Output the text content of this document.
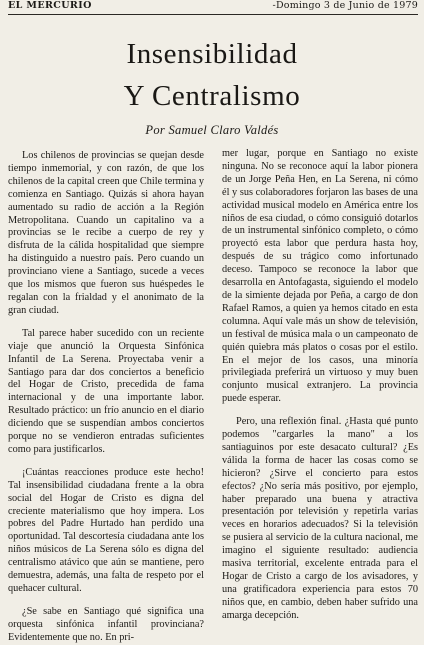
EL MERCURIO	-Domingo 3 de Junio de 1979
Insensibilidad
Y Centralismo
Por Samuel Claro Valdés

Los chilenos de provincias se quejan desde tiempo inmemorial, y con razón, de que los chilenos de la capital creen que Chile termina y comienza en Santiago. Quizás si ahora hayan aumentado su radio de acción a la Región Metropolitana. Cuando un capitalino va a provincias se le recibe a cuerpo de rey y disfruta de la cálida hospitalidad que siempre ha distinguido a nuestro país. Pero cuando un provinciano viene a Santiago, sucede a veces que los mismos que fueron sus huéspedes le regalan con la frialdad y el anonimato de la gran ciudad.

Tal parece haber sucedido con un reciente viaje que anunció la Orquesta Sinfónica Infantil de La Serena. Proyectaba venir a Santiago para dar dos conciertos a beneficio del Hogar de Cristo, precedida de fama internacional y de una importante labor. Resultado práctico: un frío anuncio en el diario diciendo que se suspendían ambos conciertos porque no se vendieron entradas suficientes como para justificarlos.

¡Cuántas reacciones produce este hecho! Tal insensibilidad ciudadana frente a la obra social del Hogar de Cristo es digna del creciente materialismo que hoy impera. Los pobres del Padre Hurtado han perdido una oportunidad. Tal descortesía ciudadana ante los niños músicos de La Serena sólo es digna del centralismo atávico que aún se mantiene, pero demuestra, además, una falta de respeto por el quehacer cultural.

¿Se sabe en Santiago qué significa una orquesta sinfónica infantil provinciana? Evidentemente que no. En pri-

mer lugar, porque en Santiago no existe ninguna. No se reconoce aquí la labor pionera de un Jorge Peña Hen, en La Serena, ni cómo él y sus colaboradores forjaron las bases de una actividad musical modelo en América entre los niños de esa ciudad, o cómo consiguió dotarlos de un instrumental sinfónico completo, o cómo proyectó esta labor que perdura hasta hoy, después de su trágico como infortunado deceso. Tampoco se reconoce la labor que desarrolla en Antofagasta, siguiendo el modelo de la simiente dejada por Peña, a cargo de don Rafael Ramos, a quien ya hemos citado en esta columna. Aquí vale más un show de televisión, un festival de música mala o un campeonato de quién quiebra más platos o cosas por el estilo. En el mejor de los casos, una minoría privilegiada preferirá un virtuoso y muy buen conjunto musical extranjero. La provincia puede esperar.

Pero, una reflexión final. ¿Hasta qué punto podemos "cargarles la mano" a los santiaguinos por este desacato cultural? ¿Es válida la forma de hacer las cosas como se hicieron? ¿Sirve el concierto para estos efectos? ¿No sería más positivo, por ejemplo, haber preparado una buena y atractiva presentación por televisión y repetirla varias veces en horarios adecuados? Si la televisión se pusiera al servicio de la cultura nacional, me imagino el siguiente resultado: audiencia masiva territorial, excelente entrada para el Hogar de Cristo a cargo de los avisadores, y una gratificadora experiencia para estos 70 niños que, en cambio, deben haber sufrido una amarga decepción.
